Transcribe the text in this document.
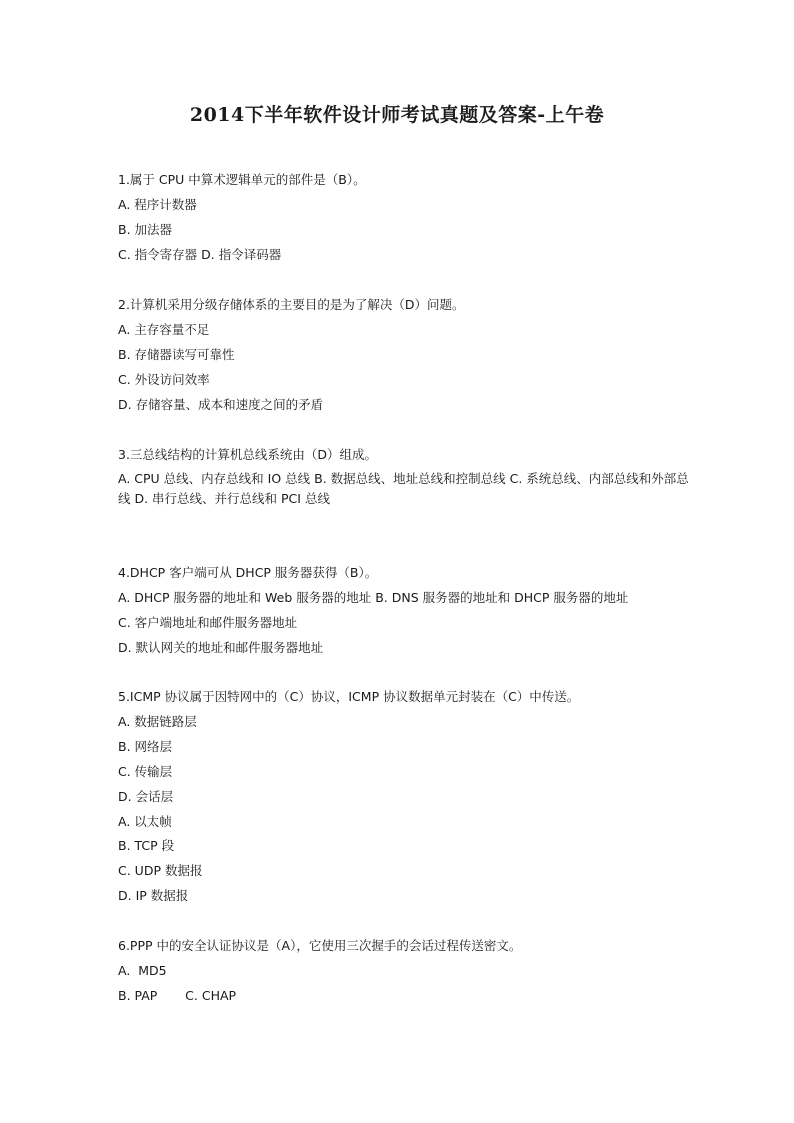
2014下半年软件设计师考试真题及答案-上午卷
1.属于 CPU 中算术逻辑单元的部件是（B）。
A. 程序计数器
B. 加法器
C. 指令寄存器 D. 指令译码器
2.计算机采用分级存储体系的主要目的是为了解决（D）问题。
A. 主存容量不足
B. 存储器读写可靠性
C. 外设访问效率
D. 存储容量、成本和速度之间的矛盾
3.三总线结构的计算机总线系统由（D）组成。
A. CPU 总线、内存总线和 IO 总线 B. 数据总线、地址总线和控制总线 C. 系统总线、内部总线和外部总线 D. 串行总线、并行总线和 PCI 总线
4.DHCP 客户端可从 DHCP 服务器获得（B）。
A. DHCP 服务器的地址和 Web 服务器的地址 B. DNS 服务器的地址和 DHCP 服务器的地址
C. 客户端地址和邮件服务器地址
D. 默认网关的地址和邮件服务器地址
5.ICMP 协议属于因特网中的（C）协议，ICMP 协议数据单元封装在（C）中传送。
A. 数据链路层
B. 网络层
C. 传输层
D. 会话层
A. 以太帧
B. TCP 段
C. UDP 数据报
D. IP 数据报
6.PPP 中的安全认证协议是（A），它使用三次握手的会话过程传送密文。
A.  MD5
B. PAP       C. CHAP
